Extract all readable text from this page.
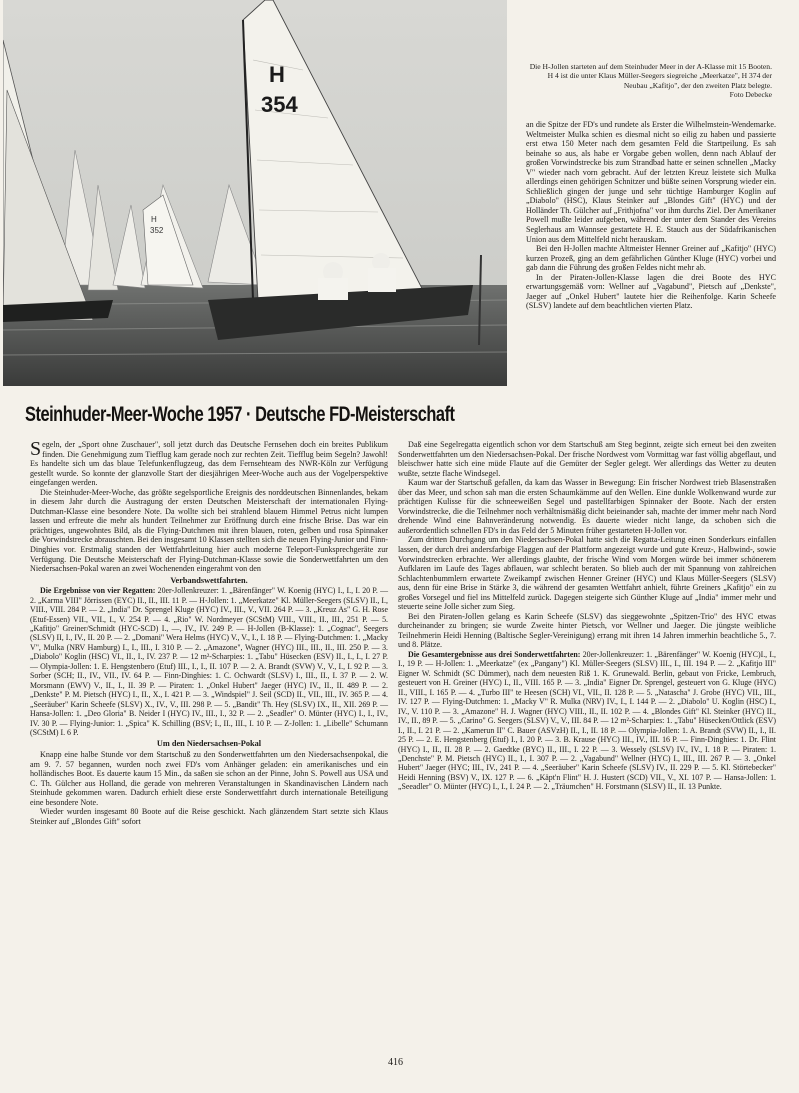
H
354
H
352
Die H-Jollen starteten auf dem Steinhuder Meer in der A-Klasse mit 15 Booten. H 4 ist die unter Klaus Müller-Seegers siegreiche „Meerkatze", H 374 der Neubau „Kafitjo", der den zweiten Platz belegte.
Foto Debecke

an die Spitze der FD's und rundete als Erster die Wilhelmstein-Wendemarke. Weltmeister Mulka schien es diesmal nicht so eilig zu haben und passierte erst etwa 150 Meter nach dem gesamten Feld die Startpeilung. Es sah beinahe so aus, als habe er Vorgabe geben wollen, denn nach Ablauf der großen Vorwindstrecke bis zum Strandbad hatte er seinen schnellen „Macky V" wieder nach vorn gebracht. Auf der letzten Kreuz leistete sich Mulka allerdings einen gehörigen Schnitzer und büßte seinen Vorsprung wieder ein. Schließlich gingen der junge und sehr tüchtige Hamburger Koglin auf „Diabolo" (HSC), Klaus Steinker auf „Blondes Gift" (HYC) und der Holländer Th. Gülcher auf „Frithjofna" vor ihm durchs Ziel. Der Amerikaner Powell mußte leider aufgeben, während der unter dem Stander des Vereins Seglerhaus am Wannsee gestartete H. E. Stauch aus der Südafrikanischen Union aus dem Mittelfeld nicht herauskam.

Bei den H-Jollen machte Altmeister Henner Greiner auf „Kafitjo" (HYC) kurzen Prozeß, ging an dem gefährlichen Günther Kluge (HYC) vorbei und gab dann die Führung des großen Feldes nicht mehr ab.

In der Piraten-Jollen-Klasse lagen die drei Boote des HYC erwartungsgemäß vorn: Wellner auf „Vagabund", Pietsch auf „Denkste", Jaeger auf „Onkel Hubert" lautete hier die Reihenfolge. Karin Scheefe (SLSV) landete auf dem beachtlichen vierten Platz.

Steinhuder-Meer-Woche 1957 · Deutsche FD-Meisterschaft

Segeln, der „Sport ohne Zuschauer", soll jetzt durch das Deutsche Fernsehen doch ein breites Publikum finden. Die Genehmigung zum Tiefflug kam gerade noch zur rechten Zeit. Tiefflug beim Segeln? Jawohl! Es handelte sich um das blaue Telefunkenflugzeug, das dem Fernsehteam des NWR-Köln zur Verfügung gestellt wurde. So konnte der glanzvolle Start der diesjährigen Meer-Woche auch aus der Vogelperspektive eingefangen werden.

Die Steinhuder-Meer-Woche, das größte segelsportliche Ereignis des norddeutschen Binnenlandes, bekam in diesem Jahr durch die Austragung der ersten Deutschen Meisterschaft der internationalen Flying-Dutchman-Klasse eine besondere Note. Da wollte sich bei strahlend blauem Himmel Petrus nicht lumpen lassen und erfreute die mehr als hundert Teilnehmer zur Eröffnung durch eine frische Brise. Das war ein prächtiges, ungewohntes Bild, als die Flying-Dutchmen mit ihren blauen, roten, gelben und rosa Spinnaker die Vorwindstrecke abrauschten. Bei den insgesamt 10 Klassen stellten sich die neuen Flying-Junior und Finn-Dinghies vor. Erstmalig standen der Wettfahrtleitung hier auch moderne Teleport-Funksprechgeräte zur Verfügung. Die Deutsche Meisterschaft der Flying-Dutchman-Klasse sowie die Sonderwettfahrten um den Niedersachsen-Pokal waren an zwei Wochenenden eingerahmt von den

Verbandswettfahrten.

Die Ergebnisse von vier Regatten: 20er-Jollenkreuzer: 1. „Bärenfänger" W. Koenig (HYC) I., I., I. 20 P. — 2. „Karma VIII" Jörrissen (EYC) II., II., III. 11 P. — H-Jollen: 1. „Meerkatze" Kl. Müller-Seegers (SLSV) II., I., VIII., VIII. 284 P. — 2. „India" Dr. Sprengel Kluge (HYC) IV., III., V., VII. 264 P. — 3. „Kreuz As" G. H. Rose (Etuf-Essen) VII., VII., I., V. 254 P. — 4. „Rio" W. Nordmeyer (SCStM) VIII., VIII., II., III., 251 P. — 5. „Kafitjo" Greiner/Schmidt (HYC-SCD) I., —, IV., IV. 249 P. — H-Jollen (B-Klasse): 1. „Cognac", Seegers (SLSV) II, I., IV., II. 20 P. — 2. „Domani" Wera Helms (HYC) V., V., I., I. 18 P. — Flying-Dutchmen: 1. „Macky V", Mulka (NRV Hamburg) I., I., III., I. 310 P. — 2. „Amazone", Wagner (HYC) III., III., II., III. 250 P. — 3. „Diabolo" Koglin (HSC) VI., II., I., IV. 237 P. — 12 m²-Scharpies: 1. „Tabu" Hüsecken (ESV) II., I., I., I. 27 P. — Olympia-Jollen: 1. E. Hengstenbero (Etuf) III., I., I., II. 107 P. — 2. A. Brandt (SVW) V., V., I., I. 92 P. — 3. Sorber (SCH; II., IV., VII., IV. 64 P. — Finn-Dinghies: 1. C. Ochwardt (SLSV) I., III., II., I. 37 P. — 2. W. Morsmann (EWV) V., II., I., II. 39 P. — Piraten: 1. „Onkel Hubert" Jaeger (HYC) IV., II., II. 489 P. — 2. „Denkste" P. M. Pietsch (HYC) I., II., X., I. 421 P. — 3. „Windspiel" J. Seil (SCD) II., VII., III., IV. 365 P. — 4. „Seeräuber" Karin Scheefe (SLSV) X., IV., V., III. 298 P. — 5. „Bandit" Th. Hey (SLSV) IX., II., XII. 269 P. — Hansa-Jollen: 1. „Deo Gloria" B. Neider I (HYC) IV., III., I., 32 P. — 2. „Seadler" O. Münter (HYC) I., I., IV., IV. 30 P. — Flying-Junior: 1. „Spica" K. Schilling (BSV; I., II., III., I. 10 P. — Z-Jollen: 1. „Libelle" Schumann (SCStM) I. 6 P.

Um den Niedersachsen-Pokal

Knapp eine halbe Stunde vor dem Startschuß zu den Sonderwettfahrten um den Niedersachsenpokal, die am 9. 7. 57 begannen, wurden noch zwei FD's vom Anhänger geladen: ein amerikanisches und ein holländisches Boot. Es dauerte kaum 15 Min., da saßen sie schon an der Pinne, John S. Powell aus USA und C. Th. Gülcher aus Holland, die gerade von mehreren Veranstaltungen in Skandinavischen Ländern nach Steinhude gekommen waren. Dadurch erhielt diese erste Sonderwettfahrt durch internationale Beteiligung eine besondere Note.

Wieder wurden insgesamt 80 Boote auf die Reise geschickt. Nach glänzendem Start setzte sich Klaus Steinker auf „Blondes Gift" sofort

Daß eine Segelregatta eigentlich schon vor dem Startschuß am Steg beginnt, zeigte sich erneut bei den zweiten Sonderwettfahrten um den Niedersachsen-Pokal. Der frische Nordwest vom Vormittag war fast völlig abgeflaut, und bleischwer hatte sich eine müde Flaute auf die Gemüter der Segler gelegt. Wer allerdings das Wetter zu deuten wußte, setzte flache Windsegel.

Kaum war der Startschuß gefallen, da kam das Wasser in Bewegung: Ein frischer Nordwest trieb Blasenstraßen über das Meer, und schon sah man die ersten Schaumkämme auf den Wellen. Eine dunkle Wolkenwand wurde zur prächtigen Kulisse für die schneeweißen Segel und pastellfarbigen Spinnaker der Boote. Nach der ersten Vorwindstrecke, die die Teilnehmer noch verhältnismäßig dicht beieinander sah, machte der immer mehr nach Nord drehende Wind eine Bahnveränderung notwendig. Es dauerte wieder nicht lange, da schoben sich die außerordentlich schnellen FD's in das Feld der 5 Minuten früher gestarteten H-Jollen vor.

Zum dritten Durchgang um den Niedersachsen-Pokal hatte sich die Regatta-Leitung einen Sonderkurs einfallen lassen, der durch drei andersfarbige Flaggen auf der Plattform angezeigt wurde und gute Kreuz-, Halbwind-, sowie Vorwindstrecken erbrachte. Wer allerdings glaubte, der frische Wind vom Morgen würde bei immer schönerem Aufklaren im Laufe des Tages abflauen, war schlecht beraten. So blieb auch der mit Spannung von zahlreichen Schlachtenbummlern erwartete Zweikampf zwischen Henner Greiner (HYC) und Klaus Müller-Seegers (SLSV) aus, denn für eine Brise in Stärke 3, die während der gesamten Wettfahrt anhielt, führte Greiners „Kafitjo" ein zu großes Vorsegel und fiel ins Mittelfeld zurück. Dagegen steigerte sich Günther Kluge auf „India" immer mehr und steuerte seine Jolle sicher zum Sieg.

Bei den Piraten-Jollen gelang es Karin Scheefe (SLSV) das sieggewohnte „Spitzen-Trio" des HYC etwas durcheinander zu bringen; sie wurde Zweite hinter Pietsch, vor Wellner und Jaeger. Die jüngste weibliche Teilnehmerin Heidi Henning (Baltische Segler-Vereinigung) errang mit ihren 14 Jahren immerhin beachtliche 5., 7. und 8. Plätze.

Die Gesamtergebnisse aus drei Sonderwettfahrten: 20er-Jollenkreuzer: 1. „Bärenfänger" W. Koenig (HYC)I., I., I., 19 P. — H-Jollen: 1. „Meerkatze" (ex „Pangany") Kl. Müller-Seegers (SLSV) III., I., III. 194 P. — 2. „Kafitjo III" Eigner W. Schmidt (SC Dümmer), nach dem neuesten Riß 1. K. Grunewald. Berlin, gebaut von Fricke, Lembruch, gesteuert von H. Greiner (HYC) I., II., VIII. 165 P. — 3. „India" Eigner Dr. Sprengel, gesteuert von G. Kluge (HYC) II., VIII., I. 165 P. — 4. „Turbo III" te Heesen (SCH) VI., VII., II. 128 P. — 5. „Natascha" J. Grobe (HYC) VII., III., IV. 127 P. — Flying-Dutchmen: 1. „Macky V" R. Mulka (NRV) IV., I., I. 144 P. — 2. „Diabolo" U. Koglin (HSC) I., IV., V. 110 P. — 3. „Amazone" H. J. Wagner (HYC) VIII., II., II. 102 P. — 4. „Blondes Gift" Kl. Steinker (HYC) II., IV., II., 89 P. — 5. „Carino" G. Seegers (SLSV) V., V., III. 84 P. — 12 m²-Scharpies: 1. „Tabu" Hüsecken/Ottlick (ESV) I., II., I. 21 P. — 2. „Kamerun II" C. Bauer (ASVzH) II., I., II. 18 P. — Olympia-Jollen: 1. A. Brandt (SVW) II., I., II. 25 P. — 2. E. Hengstenberg (Etuf) I., I. 20 P. — 3. B. Krause (HYC) III., IV., III. 16 P. — Finn-Dinghies: 1. Dr. Flint (HYC) I., II., II. 28 P. — 2. Gaedtke (BYC) II., III., I. 22 P. — 3. Wessely (SLSV) IV., IV., I. 18 P. — Piraten: 1. „Denchste" P. M. Pietsch (HYC) II., I., I. 307 P. — 2. „Vagabund" Wellner (HYC) I., III., III. 267 P. — 3. „Onkel Hubert" Jaeger (HYC; III., IV., 241 P. — 4. „Seeräuber" Karin Scheefe (SLSV) IV., II. 229 P. — 5. Kl. Störtebecker" Heidi Henning (BSV) V., IX. 127 P. — 6. „Käpt'n Flint" H. J. Hustert (SCD) VII., V., XI. 107 P. — Hansa-Jollen: 1. „Seeadler" O. Münter (HYC) I., I., I. 24 P. — 2. „Träumchen" H. Forstmann (SLSV) II., II. 13 Punkte.

416
